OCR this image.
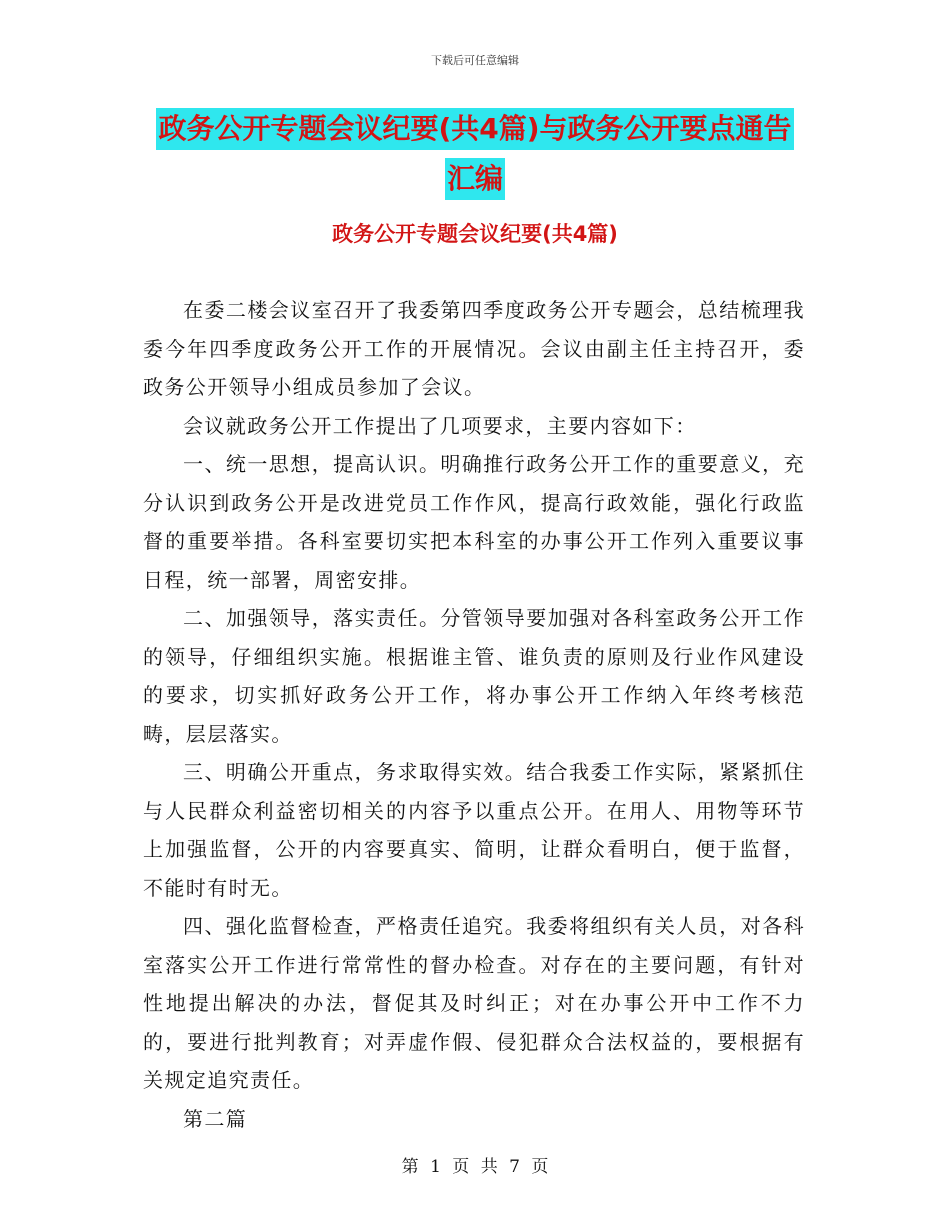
下载后可任意编辑
政务公开专题会议纪要(共4篇)与政务公开要点通告
汇编
政务公开专题会议纪要(共4篇)

在委二楼会议室召开了我委第四季度政务公开专题会，总结梳理我委今年四季度政务公开工作的开展情况。会议由副主任主持召开，委政务公开领导小组成员参加了会议。

会议就政务公开工作提出了几项要求，主要内容如下：

一、统一思想，提高认识。明确推行政务公开工作的重要意义，充分认识到政务公开是改进党员工作作风，提高行政效能，强化行政监督的重要举措。各科室要切实把本科室的办事公开工作列入重要议事日程，统一部署，周密安排。

二、加强领导，落实责任。分管领导要加强对各科室政务公开工作的领导，仔细组织实施。根据谁主管、谁负责的原则及行业作风建设的要求，切实抓好政务公开工作，将办事公开工作纳入年终考核范畴，层层落实。

三、明确公开重点，务求取得实效。结合我委工作实际，紧紧抓住与人民群众利益密切相关的内容予以重点公开。在用人、用物等环节上加强监督，公开的内容要真实、简明，让群众看明白，便于监督，不能时有时无。

四、强化监督检查，严格责任追究。我委将组织有关人员，对各科室落实公开工作进行常常性的督办检查。对存在的主要问题，有针对性地提出解决的办法，督促其及时纠正；对在办事公开中工作不力的，要进行批判教育；对弄虚作假、侵犯群众合法权益的，要根据有关规定追究责任。

第二篇

第 1 页 共 7 页
